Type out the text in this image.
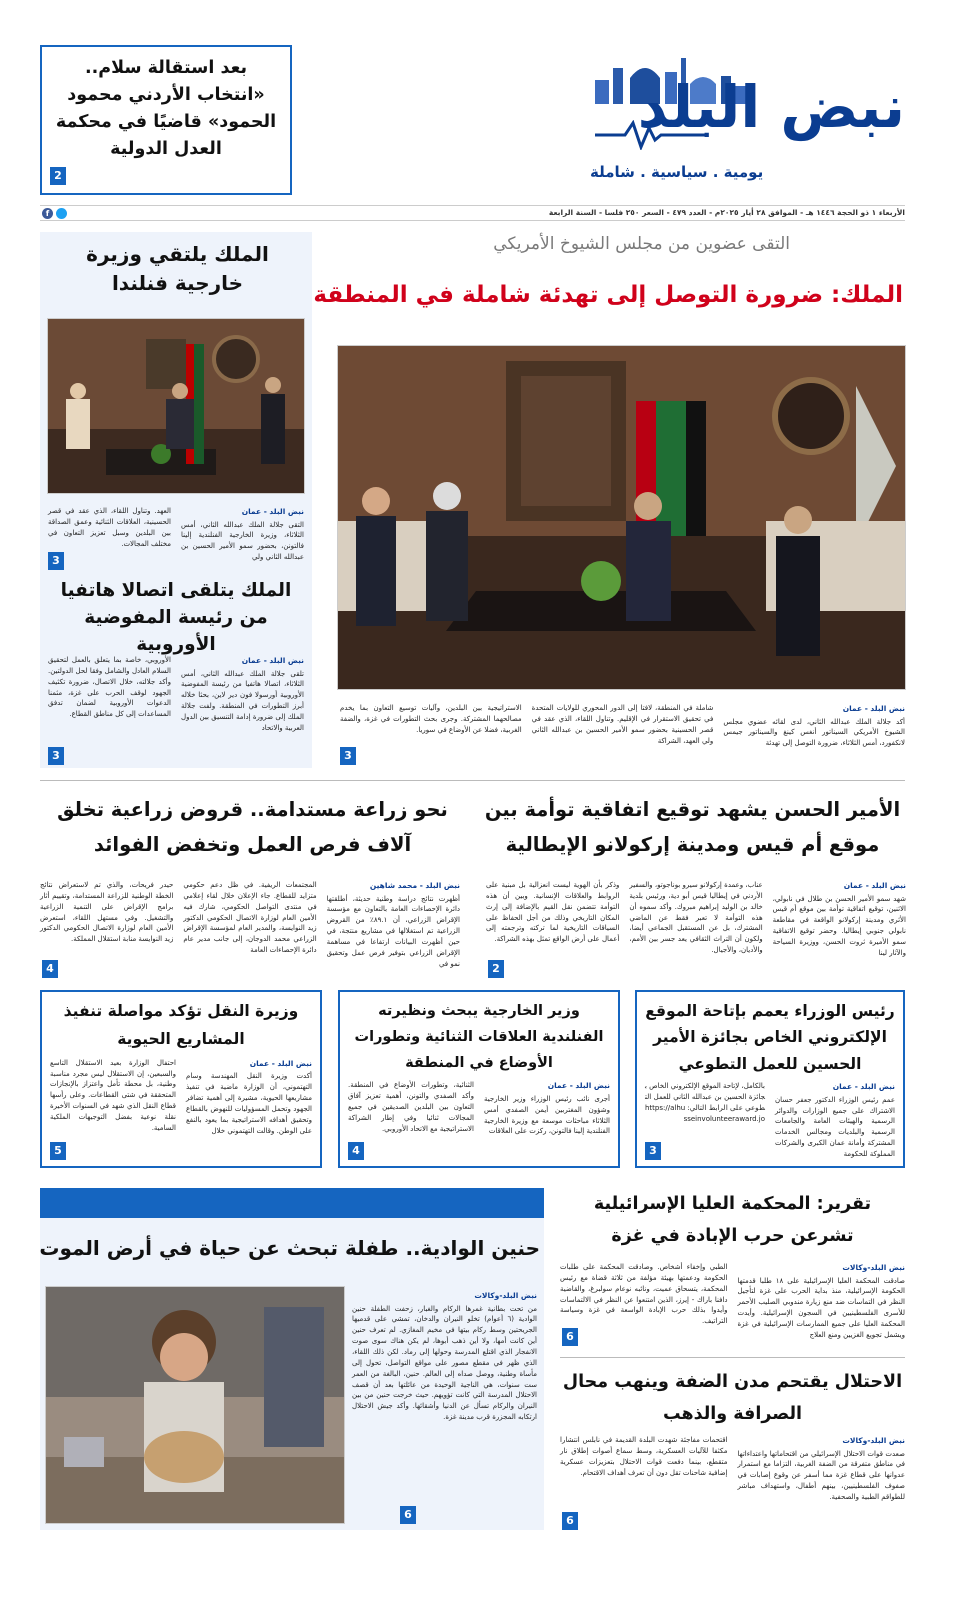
بعد استقالة سلام.. «انتخاب الأردني محمود الحمود» قاضيًا في محكمة العدل الدولية
2
نبض البلد
يومية . سياسية . شاملة
الأربعاء ١ ذو الحجة ١٤٤٦ هـ - الموافق ٢٨ أيار ٢٠٢٥م - العدد ٤٧٩ - السعر ٢٥٠ فلسا - السنة الرابعة
f
الملك يلتقي وزيرة خارجية فنلندا
نبض البلد - عمان
التقى جلالة الملك عبدالله الثاني، أمس الثلاثاء، وزيرة الخارجية الفنلندية إلينا فالتونن، بحضور سمو الأمير الحسين بن عبدالله الثاني ولي
العهد. وتناول اللقاء، الذي عقد في قصر الحسينية، العلاقات الثنائية وعمق الصداقة بين البلدين وسبل تعزيز التعاون في مختلف المجالات.
3
الملك يتلقى اتصالا هاتفيا من رئيسة المفوضية الأوروبية
نبض البلد - عمان
تلقى جلالة الملك عبدالله الثاني، أمس الثلاثاء، اتصالا هاتفيا من رئيسة المفوضية الأوروبية أورسولا فون دير لاين، بحثا خلاله أبرز التطورات في المنطقة. ولفت جلالة الملك إلى ضرورة إدامة التنسيق بين الدول العربية والاتحاد
الأوروبي، خاصة بما يتعلق بالعمل لتحقيق السلام العادل والشامل وفقا لحل الدولتين. وأكد جلالته، خلال الاتصال، ضرورة تكثيف الجهود لوقف الحرب على غزة، مثمنا الدعوات الأوروبية لضمان تدفق المساعدات إلى كل مناطق القطاع.
3
التقى عضوين من مجلس الشيوخ الأمريكي
الملك: ضرورة التوصل إلى تهدئة شاملة في المنطقة
نبض البلد - عمان
أكد جلالة الملك عبدالله الثاني، لدى لقائه عضوي مجلس الشيوخ الأمريكي السيناتور أنغس كينغ والسيناتور جيمس لانكفورد، أمس الثلاثاء، ضرورة التوصل إلى تهدئة
شاملة في المنطقة، لافتا إلى الدور المحوري للولايات المتحدة في تحقيق الاستقرار في الإقليم. وتناول اللقاء، الذي عقد في قصر الحسينية بحضور سمو الأمير الحسين بن عبدالله الثاني ولي العهد، الشراكة
الاستراتيجية بين البلدين، وآليات توسيع التعاون بما يخدم مصالحهما المشتركة. وجرى بحث التطورات في غزة، والضفة الغربية، فضلا عن الأوضاع في سوريا.
3
الأمير الحسن يشهد توقيع اتفاقية توأمة بين موقع أم قيس ومدينة إركولانو الإيطالية
نبض البلد - عمان
شهد سمو الأمير الحسن بن طلال في نابولي، الاثنين، توقيع اتفاقية توأمة بين موقع أم قيس الأثري ومدينة إركولانو الواقعة في مقاطعة نابولي جنوبي إيطاليا. وحضر توقيع الاتفاقية سمو الأميرة ثروت الحسن، ووزيرة السياحة والآثار لينا
عناب، وعمدة إركولانو سيرو بوناجوتو، والسفير الأردني في إيطاليا قيس أبو دية، ورئيس بلدية خالد بن الوليد إبراهيم مبروك. وأكد سموه أن هذه التوأمة لا تعبر فقط عن الماضي المشترك، بل عن المستقبل الجماعي أيضا، ولكون أن التراث الثقافي يعد جسر بين الأمم، والأديان، والأجيال.
وذكر بأن الهوية ليست انعزالية بل مبنية على الروابط والعلاقات الإنسانية. وبين أن هذه التوأمة تتضمن نقل القيم بالإضافة إلى إرث المكان التاريخي وذلك من أجل الحفاظ على السياقات التاريخية لما تركته وترجمته إلى أعمال على أرض الواقع تمثل بهذه الشراكة.
2
نحو زراعة مستدامة.. قروض زراعية تخلق آلاف فرص العمل وتخفض الفوائد
نبض البلد - محمد شاهين
أظهرت نتائج دراسة وطنية حديثة، أطلقتها دائرة الإحصاءات العامة بالتعاون مع مؤسسة الإقراض الزراعي، أن ٨٩.١٪ من القروض الزراعية تم استغلالها في مشاريع منتجة، في حين أظهرت البيانات ارتفاعا في مساهمة الإقراض الزراعي بتوفير فرص عمل وتحقيق نمو في
المجتمعات الريفية. في ظل دعم حكومي متزايد للقطاع. جاء الإعلان خلال لقاء إعلامي في منتدى التواصل الحكومي، شارك فيه الأمين العام لوزارة الاتصال الحكومي الدكتور زيد النوايسة، والمدير العام لمؤسسة الإقراض الزراعي محمد الدوجان، إلى جانب مدير عام دائرة الإحصاءات العامة
حيدر فريحات، والذي تم لاستعراض نتائج الخطة الوطنية للزراعة المستدامة، وتقييم أثار برامج الإقراض على التنمية الزراعية والتشغيل. وفي مستهل اللقاء، استعرض الأمين العام لوزارة الاتصال الحكومي الدكتور زيد النوايسة منابة استقلال المملكة.
4
رئيس الوزراء يعمم بإتاحة الموقع الإلكتروني الخاص بجائزة الأمير الحسين للعمل التطوعي
نبض البلد - عمان
عمم رئيس الوزراء الدكتور جعفر حسان الاشتراك على جميع الوزارات والدوائر الرسمية والهيئات العامة والجامعات الرسمية والبلديات ومجالس الخدمات المشتركة وأمانة عمان الكبرى والشركات المملوكة للحكومة
بالكامل، لإتاحة الموقع الإلكتروني الخاص بجائزة الحسين بن عبدالله الثاني للعمل التطوعي على الرابط التالي: https://alhusseinvolunteeraward.jo
3
وزير الخارجية يبحث ونظيرته الفنلندية العلاقات الثنائية وتطورات الأوضاع في المنطقة
نبض البلد - عمان
أجرى نائب رئيس الوزراء وزير الخارجية وشؤون المغتربين أيمن الصفدي أمس الثلاثاء مباحثات موسعة مع وزيرة الخارجية الفنلندية إلينا فالتونن، ركزت على العلاقات
الثنائية، وتطورات الأوضاع في المنطقة. وأكد الصفدي والتونن، أهمية تعزيز آفاق التعاون بين البلدين الصديقين في جميع المجالات ثنائيا وفي إطار الشراكة الاستراتيجية مع الاتحاد الأوروبي.
4
وزيرة النقل تؤكد مواصلة تنفيذ المشاريع الحيوية
نبض البلد - عمان
أكدت وزيرة النقل المهندسة وسام التهتموني، أن الوزارة ماضية في تنفيذ مشاريعها الحيوية، مشيرة إلى أهمية تضافر الجهود وتحمل المسؤوليات للنهوض بالقطاع وتحقيق أهدافه الاستراتيجية بما يعود بالنفع على الوطن. وقالت التهتموني خلال
احتفال الوزارة بعيد الاستقلال التاسع والسبعين، إن الاستقلال ليس مجرد مناسبة وطنية، بل محطة تأمل واعتزاز بالإنجازات المتحققة في شتى القطاعات. وعلى رأسها قطاع النقل الذي شهد في السنوات الأخيرة نقلة نوعية بفضل التوجيهات الملكية السامية.
5
حنين الوادية.. طفلة تبحث عن حياة في أرض الموت
نبض البلد-وكالات
من تحت بطانية غمرها الركام والغبار، زحفت الطفلة حنين الوادية (٦ أعوام) تخلو النيران والدخان، تمشي على قدميها الجريحتين وسط ركام بيتها في مخيم المغازي. لم تعرف حنين أين كانت أمها، ولا أين ذهب أبوها، لم يكن هناك سوى صوت الانفجار الذي اقتلع المدرسة وحولها إلى رماد. لكن ذلك اللقاء، الذي ظهر في مقطع مصور على مواقع التواصل، تحول إلى مأساة وطنية، ووصل صداه إلى العالم. حنين، البالغة من العمر ست سنوات، هي الناجية الوحيدة من عائلتها بعد أن قصف الاحتلال المدرسة التي كانت تؤويهم. حيث خرجت حنين من بين النيران والركام تسأل عن الدنيا وأشقائها. وأكد جيش الاحتلال ارتكابه المجزرة قرب مدينة غزة.
6
تقرير: المحكمة العليا الإسرائيلية تشرعن حرب الإبادة في غزة
نبض البلد-وكالات
صادقت المحكمة العليا الإسرائيلية على ١٨ طلبا قدمتها الحكومة الإسرائيلية، منذ بداية الحرب على غزة لتأجيل النظر في التماسات ضد منع زيارة مندوبي الصليب الأحمر للأسرى الفلسطينيين في السجون الإسرائيلية. وأيدت المحكمة العليا على جميع الممارسات الإسرائيلية في غزة ويشمل تجويع الغزيين ومنع العلاج
الطبي وإخفاء أشخاص. وصادقت المحكمة على طلبات الحكومة ودعمتها بهيئة مؤلفة من ثلاثة قضاة مع رئيس المحكمة، يتسحاق عميت، ونائبه نوعام سولبرغ، والقاضية دافنا باراك - إيرز، الذين امتنعوا عن النظر في الالتماسات وأيدوا بذلك حرب الإبادة الواسعة في غزة وسياسة التراتيف.
6
الاحتلال يقتحم مدن الضفة وينهب محال الصرافة والذهب
نبض البلد-وكالات
صعدت قوات الاحتلال الإسرائيلي من اقتحاماتها واعتداءاتها في مناطق متفرقة من الضفة الغربية، التزاما مع استمرار عدوانها على قطاع غزة مما أسفر عن وقوع إصابات في صفوف الفلسطينيين، بينهم أطفال، واستهداف مباشر للطواقم الطبية والصحفية.
اقتحمات مفاجئة شهدت البلدة القديمة في نابلس انتشارا مكثفا للآليات العسكرية، وسط سماع أصوات إطلاق نار متقطع، بينما دفعت قوات الاحتلال بتعزيزات عسكرية إضافية شاحنات تقل دون أن تعرف أهداف الاقتحام.
6
